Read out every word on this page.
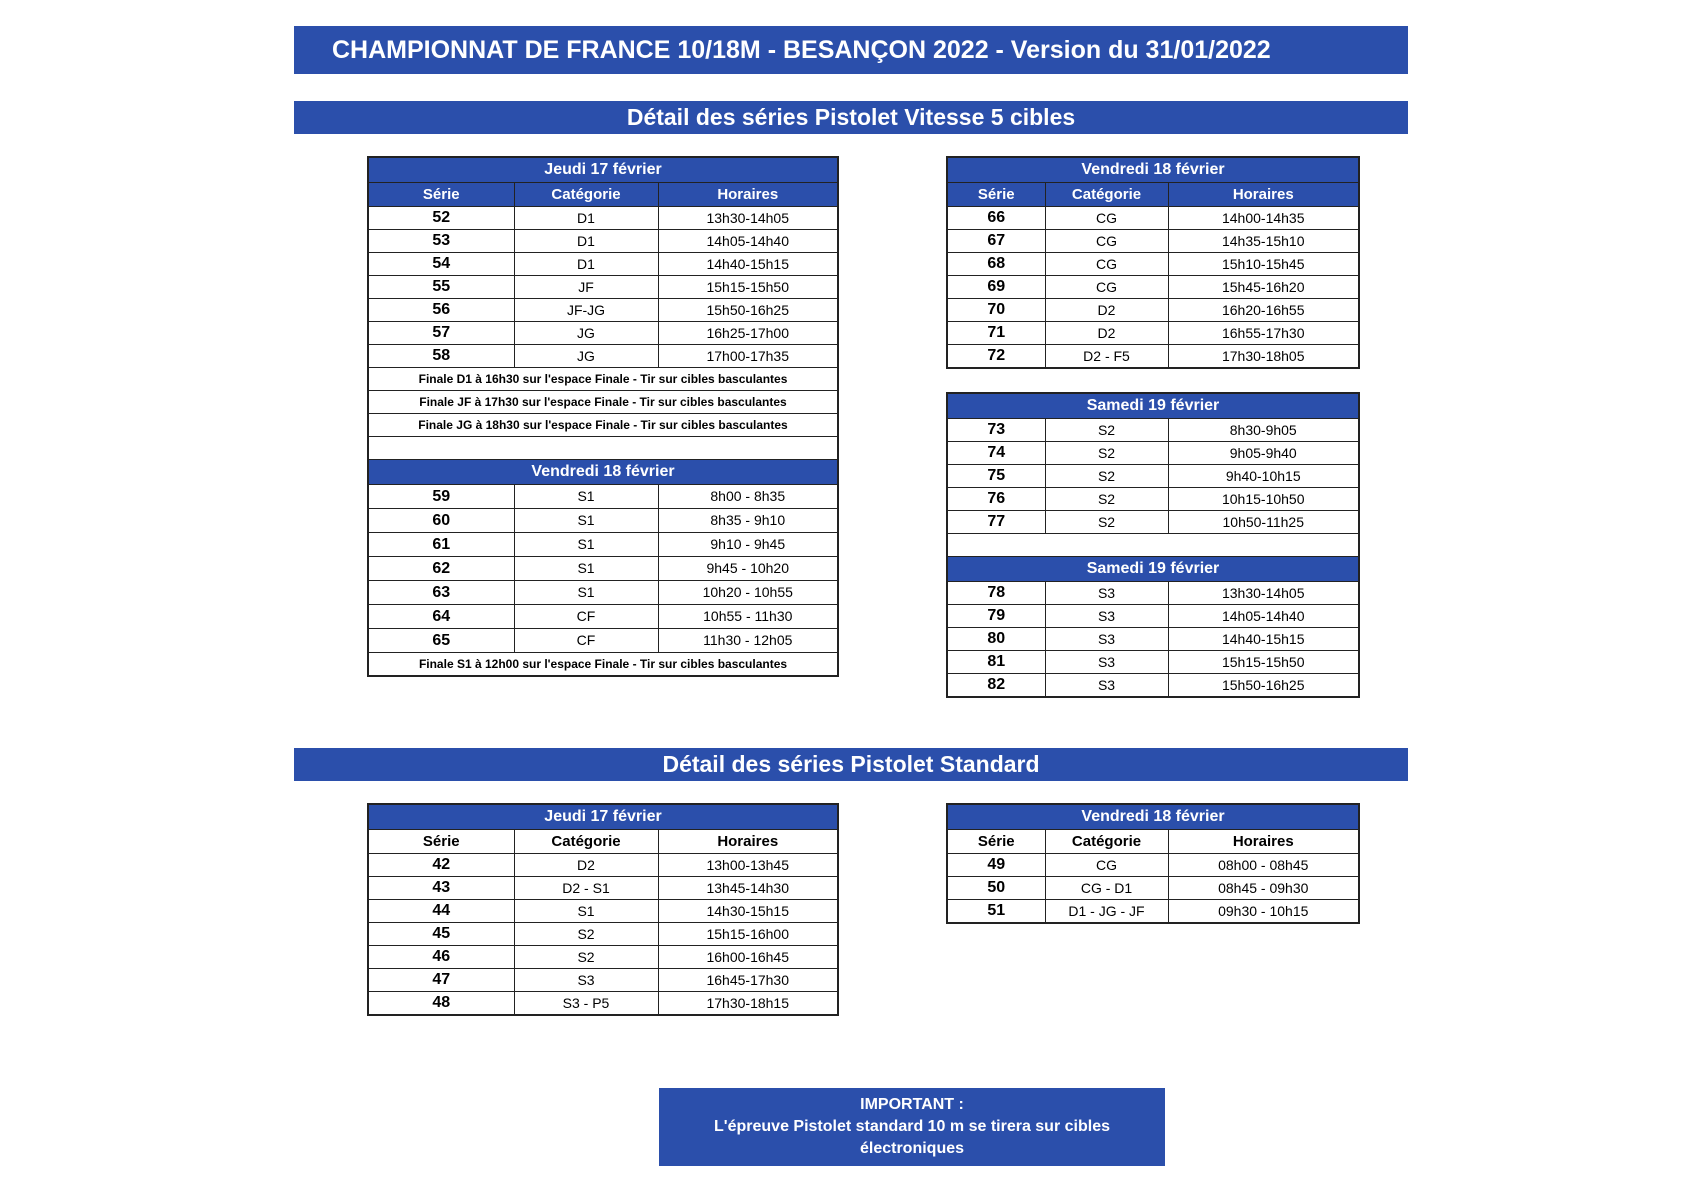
CHAMPIONNAT DE FRANCE 10/18M - BESANÇON 2022 - Version du 31/01/2022
Détail des séries Pistolet Vitesse 5 cibles
Jeudi 17 février		
Série	Catégorie	Horaires
52	D1	13h30-14h05
53	D1	14h05-14h40
54	D1	14h40-15h15
55	JF	15h15-15h50
56	JF-JG	15h50-16h25
57	JG	16h25-17h00
58	JG	17h00-17h35
Finale D1 à 16h30 sur l'espace Finale - Tir sur cibles basculantes		
Finale JF à 17h30 sur l'espace Finale - Tir sur cibles basculantes		
Finale JG à 18h30 sur l'espace Finale - Tir sur cibles basculantes		

Vendredi 18 février		
59	S1	8h00 - 8h35
60	S1	8h35 - 9h10
61	S1	9h10 - 9h45
62	S1	9h45 - 10h20
63	S1	10h20 - 10h55
64	CF	10h55 - 11h30
65	CF	11h30 - 12h05
Finale S1 à 12h00 sur l'espace Finale - Tir sur cibles basculantes		
Vendredi 18 février		
Série	Catégorie	Horaires
66	CG	14h00-14h35
67	CG	14h35-15h10
68	CG	15h10-15h45
69	CG	15h45-16h20
70	D2	16h20-16h55
71	D2	16h55-17h30
72	D2 - F5	17h30-18h05
Samedi 19 février		
73	S2	8h30-9h05
74	S2	9h05-9h40
75	S2	9h40-10h15
76	S2	10h15-10h50
77	S2	10h50-11h25

Samedi 19 février		
78	S3	13h30-14h05
79	S3	14h05-14h40
80	S3	14h40-15h15
81	S3	15h15-15h50
82	S3	15h50-16h25
Détail des séries Pistolet Standard
Jeudi 17 février		
Série	Catégorie	Horaires
42	D2	13h00-13h45
43	D2 - S1	13h45-14h30
44	S1	14h30-15h15
45	S2	15h15-16h00
46	S2	16h00-16h45
47	S3	16h45-17h30
48	S3 - P5	17h30-18h15
Vendredi 18 février		
Série	Catégorie	Horaires
49	CG	08h00 - 08h45
50	CG - D1	08h45 - 09h30
51	D1 - JG - JF	09h30 - 10h15
IMPORTANT :
L'épreuve Pistolet standard 10 m se tirera sur cibles
électroniques
